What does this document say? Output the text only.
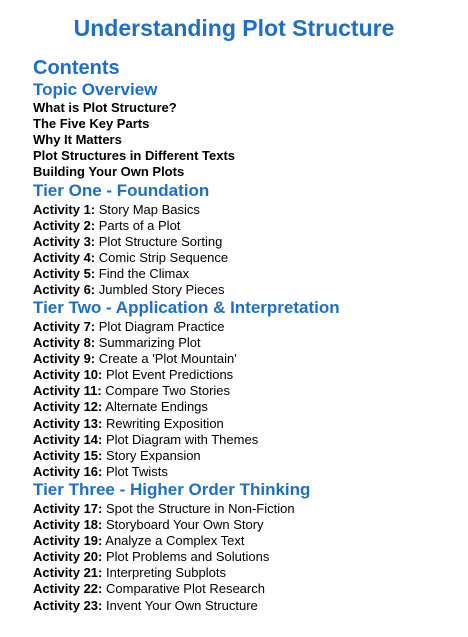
Understanding Plot Structure
Contents
Topic Overview
What is Plot Structure?
The Five Key Parts
Why It Matters
Plot Structures in Different Texts
Building Your Own Plots
Tier One - Foundation
Activity 1: Story Map Basics
Activity 2: Parts of a Plot
Activity 3: Plot Structure Sorting
Activity 4: Comic Strip Sequence
Activity 5: Find the Climax
Activity 6: Jumbled Story Pieces
Tier Two - Application & Interpretation
Activity 7: Plot Diagram Practice
Activity 8: Summarizing Plot
Activity 9: Create a 'Plot Mountain'
Activity 10: Plot Event Predictions
Activity 11: Compare Two Stories
Activity 12: Alternate Endings
Activity 13: Rewriting Exposition
Activity 14: Plot Diagram with Themes
Activity 15: Story Expansion
Activity 16: Plot Twists
Tier Three - Higher Order Thinking
Activity 17: Spot the Structure in Non-Fiction
Activity 18: Storyboard Your Own Story
Activity 19: Analyze a Complex Text
Activity 20: Plot Problems and Solutions
Activity 21: Interpreting Subplots
Activity 22: Comparative Plot Research
Activity 23: Invent Your Own Structure
